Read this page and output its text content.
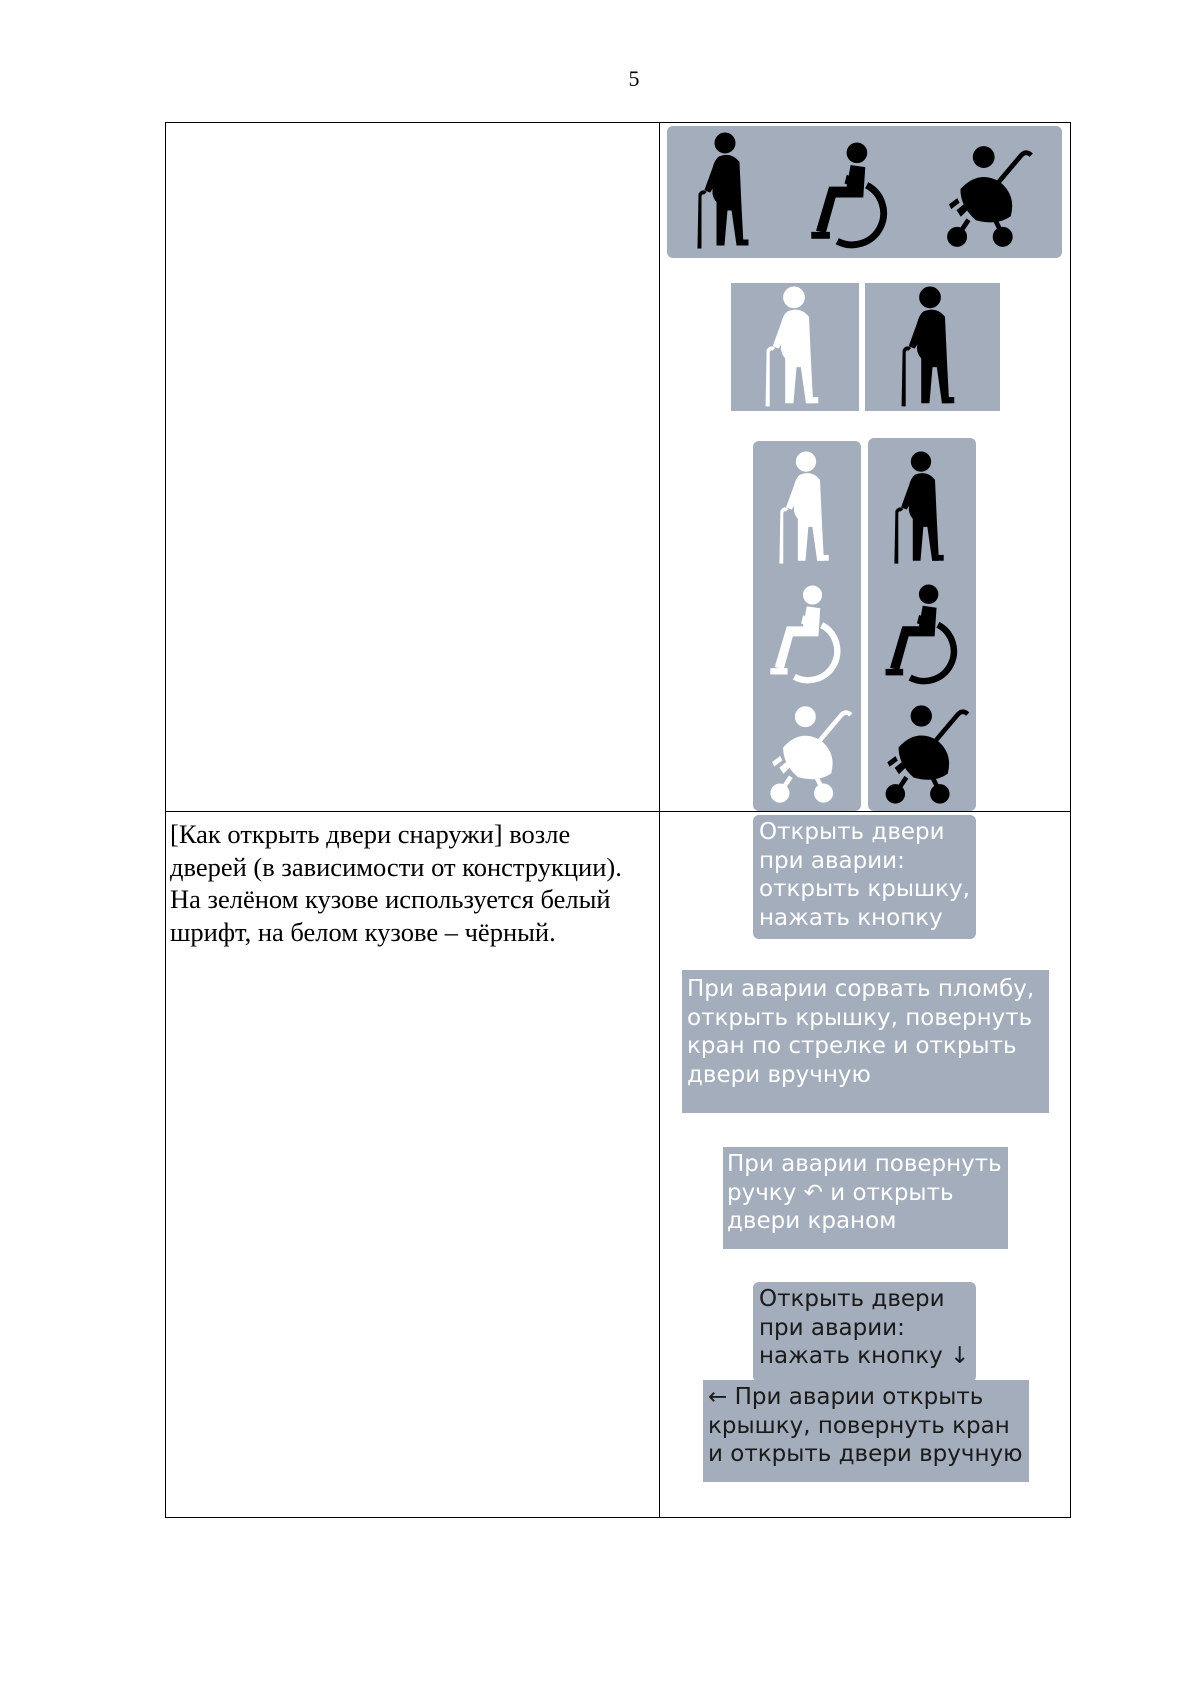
5
[Как открыть двери снаружи] возле дверей (в зависимости от конструкции). На зелёном кузове используется белый шрифт, на белом кузове – чёрный.
Открыть двери
при аварии:
открыть крышку,
нажать кнопку
При аварии сорвать пломбу,
открыть крышку, повернуть
кран по стрелке и открыть
двери вручную
При аварии повернуть
ручку ↶ и открыть
двери краном
Открыть двери
при аварии:
нажать кнопку ↓
← При аварии открыть
крышку, повернуть кран
и открыть двери вручную
